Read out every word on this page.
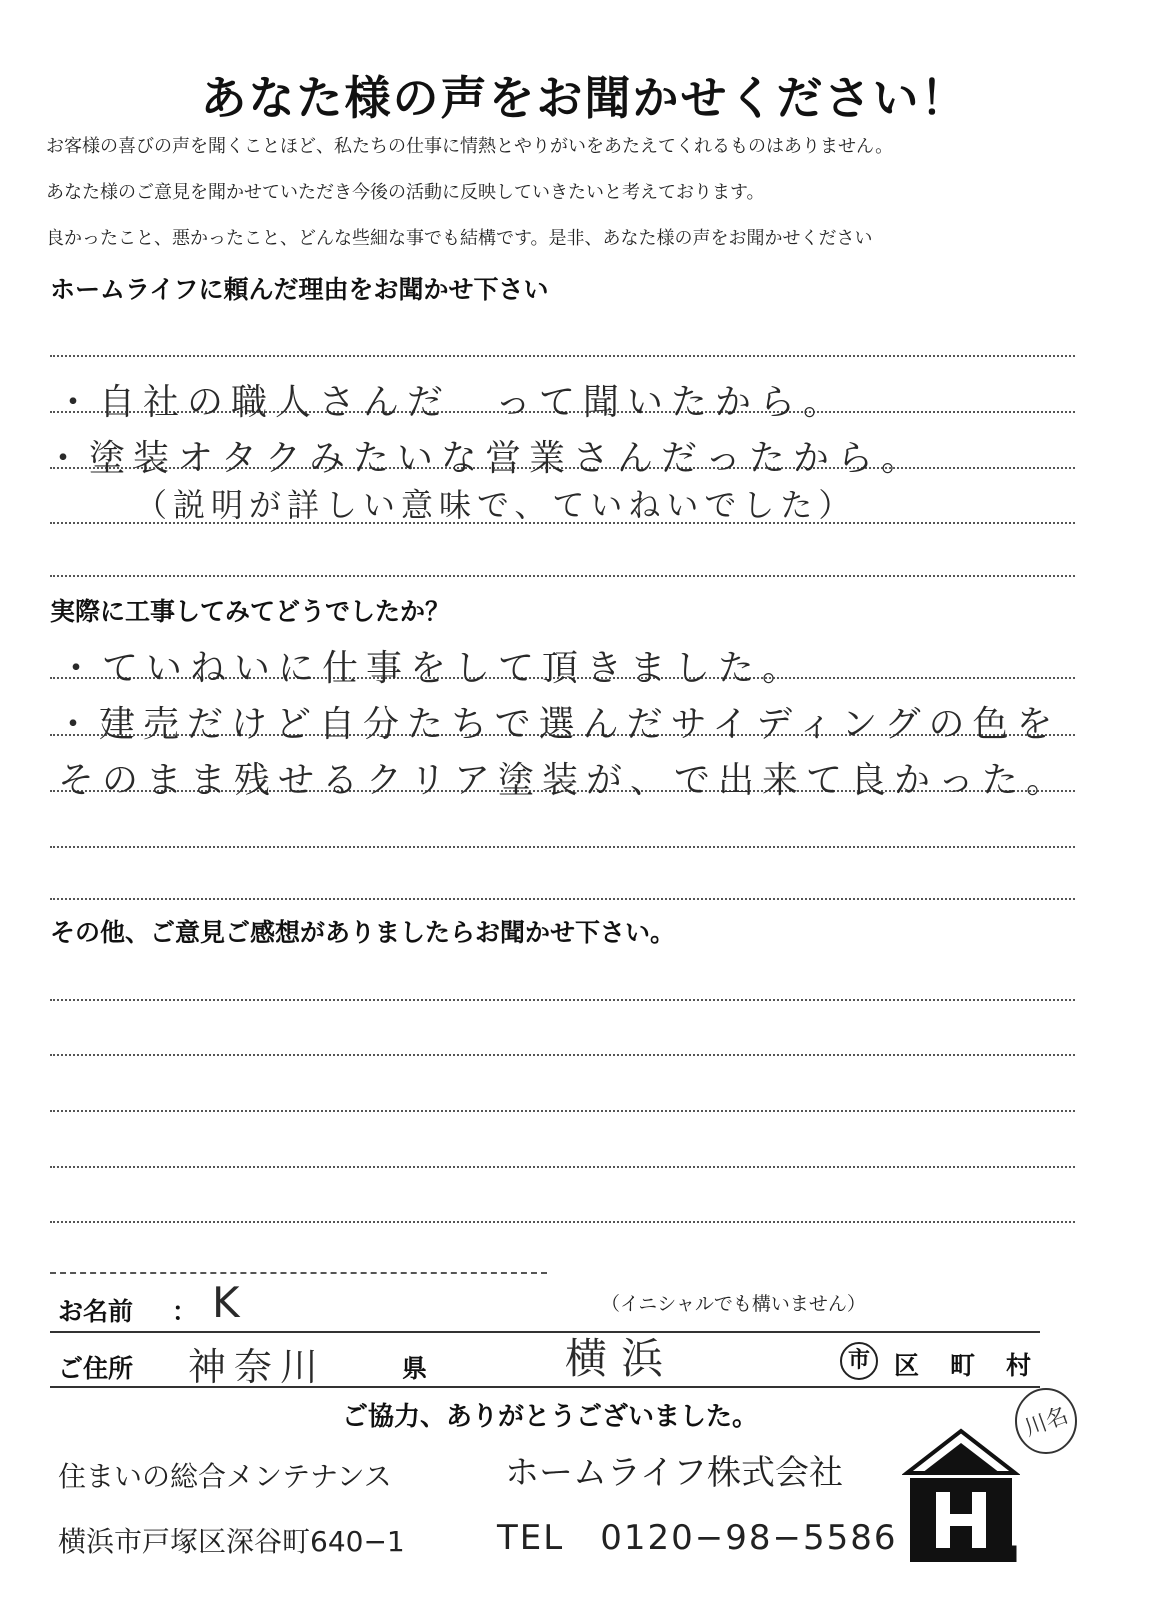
あなた様の声をお聞かせください！
お客様の喜びの声を聞くことほど、私たちの仕事に情熱とやりがいをあたえてくれるものはありません。
あなた様のご意見を聞かせていただき今後の活動に反映していきたいと考えております。
良かったこと、悪かったこと、どんな些細な事でも結構です。是非、あなた様の声をお聞かせください
ホームライフに頼んだ理由をお聞かせ下さい
・自社の職人さんだ　って聞いたから。
・塗装オタクみたいな営業さんだったから。
（説明が詳しい意味で、ていねいでした）
実際に工事してみてどうでしたか？
・ていねいに仕事をして頂きました。
・建売だけど自分たちで選んだサイディングの色を
そのまま残せるクリア塗装が、で出来て良かった。
その他、ご意見ご感想がありましたらお聞かせ下さい。
お名前 ： K	（イニシャルでも構いません）
ご住所 神奈川	県	横浜	市 区 町 村
ご協力、ありがとうございました。	川名
住まいの総合メンテナンス	ホームライフ株式会社
横浜市戸塚区深谷町640−1	TEL　0120−98−5586
